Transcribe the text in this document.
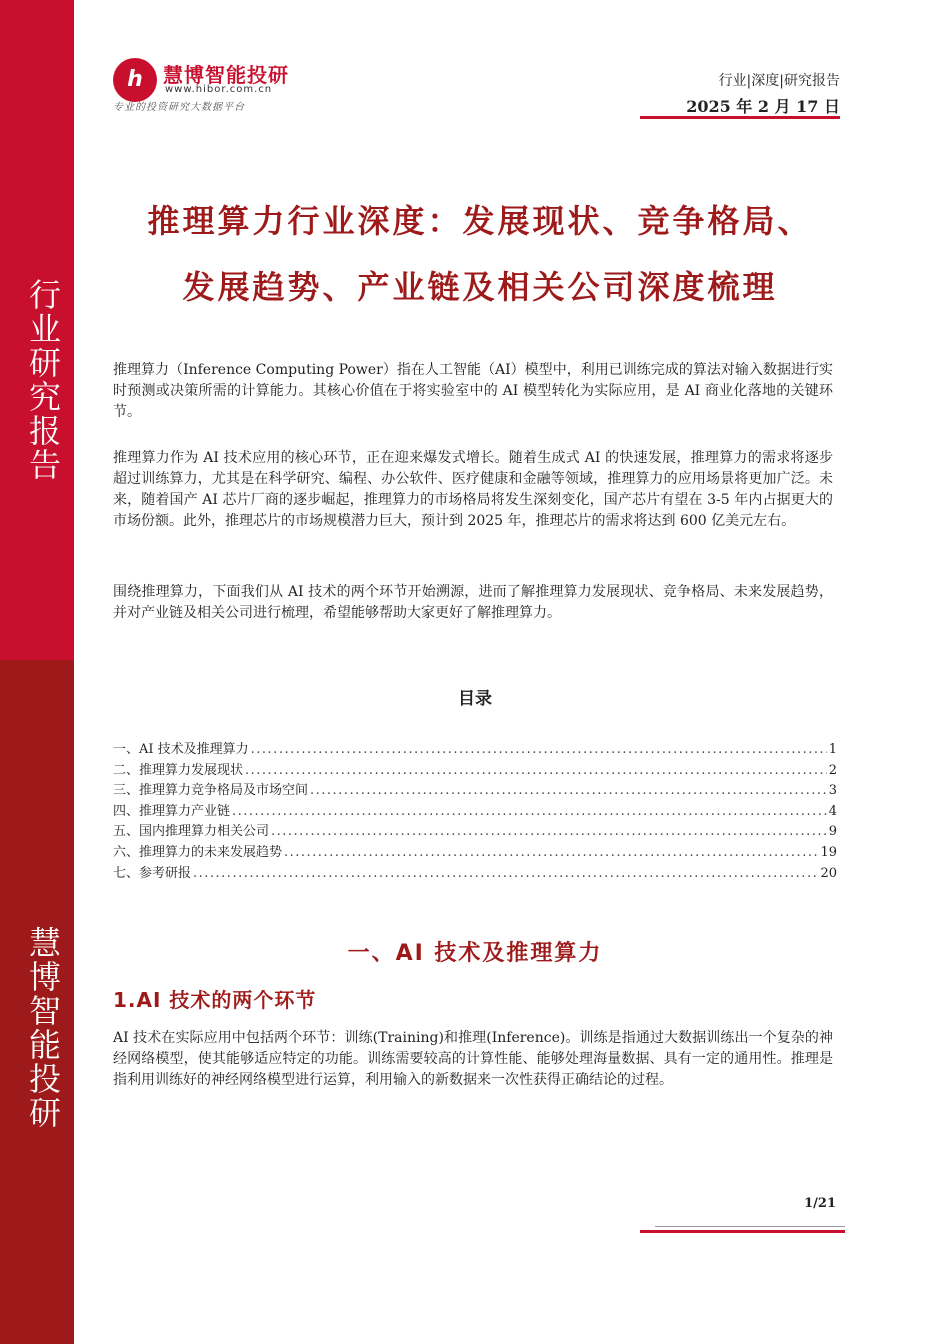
行业研究报告
慧博智能投研
h	慧博智能投研
www.hibor.com.cn
专业的投资研究大数据平台
行业|深度|研究报告
2025 年 2 月 17 日
推理算力行业深度：发展现状、竞争格局、
发展趋势、产业链及相关公司深度梳理

推理算力（Inference Computing Power）指在人工智能（AI）模型中，利用已训练完成的算法对输入数据进行实时预测或决策所需的计算能力。其核心价值在于将实验室中的 AI 模型转化为实际应用，是 AI 商业化落地的关键环节。

推理算力作为 AI 技术应用的核心环节，正在迎来爆发式增长。随着生成式 AI 的快速发展，推理算力的需求将逐步超过训练算力，尤其是在科学研究、编程、办公软件、医疗健康和金融等领域，推理算力的应用场景将更加广泛。未来，随着国产 AI 芯片厂商的逐步崛起，推理算力的市场格局将发生深刻变化，国产芯片有望在 3-5 年内占据更大的市场份额。此外，推理芯片的市场规模潜力巨大，预计到 2025 年，推理芯片的需求将达到 600 亿美元左右。

围绕推理算力，下面我们从 AI 技术的两个环节开始溯源，进而了解推理算力发展现状、竞争格局、未来发展趋势，并对产业链及相关公司进行梳理，希望能够帮助大家更好了解推理算力。

目录
一、AI 技术及推理算力 .....	1
二、推理算力发展现状 .....	2
三、推理算力竞争格局及市场空间 .....	3
四、推理算力产业链 .....	4
五、国内推理算力相关公司 .....	9
六、推理算力的未来发展趋势 .....	19
七、参考研报 .....	20
一、AI 技术及推理算力
1.AI 技术的两个环节

AI 技术在实际应用中包括两个环节：训练(Training)和推理(Inference)。训练是指通过大数据训练出一个复杂的神经网络模型，使其能够适应特定的功能。训练需要较高的计算性能、能够处理海量数据、具有一定的通用性。推理是指利用训练好的神经网络模型进行运算，利用输入的新数据来一次性获得正确结论的过程。

1/21
